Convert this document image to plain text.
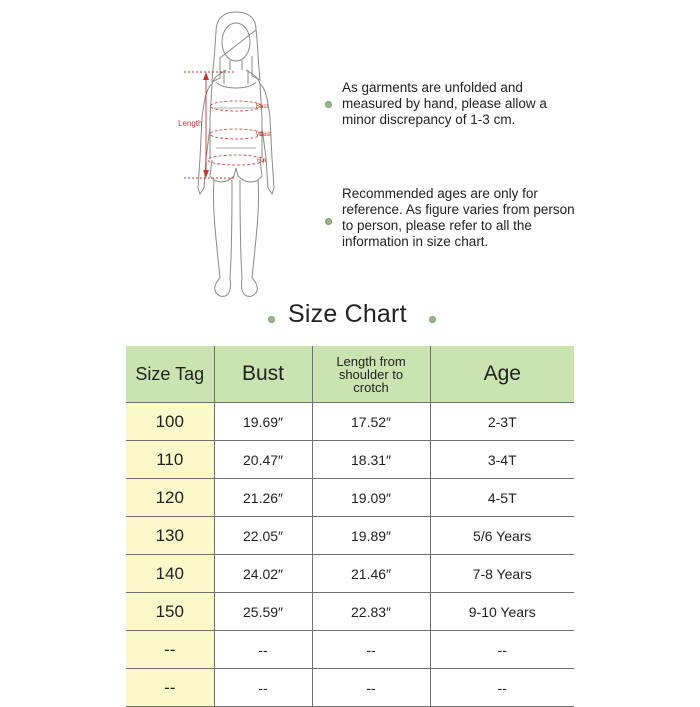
Length
Bust
Waist
Hip
As garments are unfolded and measured by hand, please allow a minor discrepancy of 1-3 cm.
Recommended ages are only for reference. As figure varies from person to person, please refer to all the information in size chart.
Size Chart
Size Tag	Bust	Length from shoulder to crotch	Age
100	19.69″	17.52″	2-3T
110	20.47″	18.31″	3-4T
120	21.26″	19.09″	4-5T
130	22.05″	19.89″	5/6 Years
140	24.02″	21.46″	7-8 Years
150	25.59″	22.83″	9-10 Years
--	--	--	--
--	--	--	--
